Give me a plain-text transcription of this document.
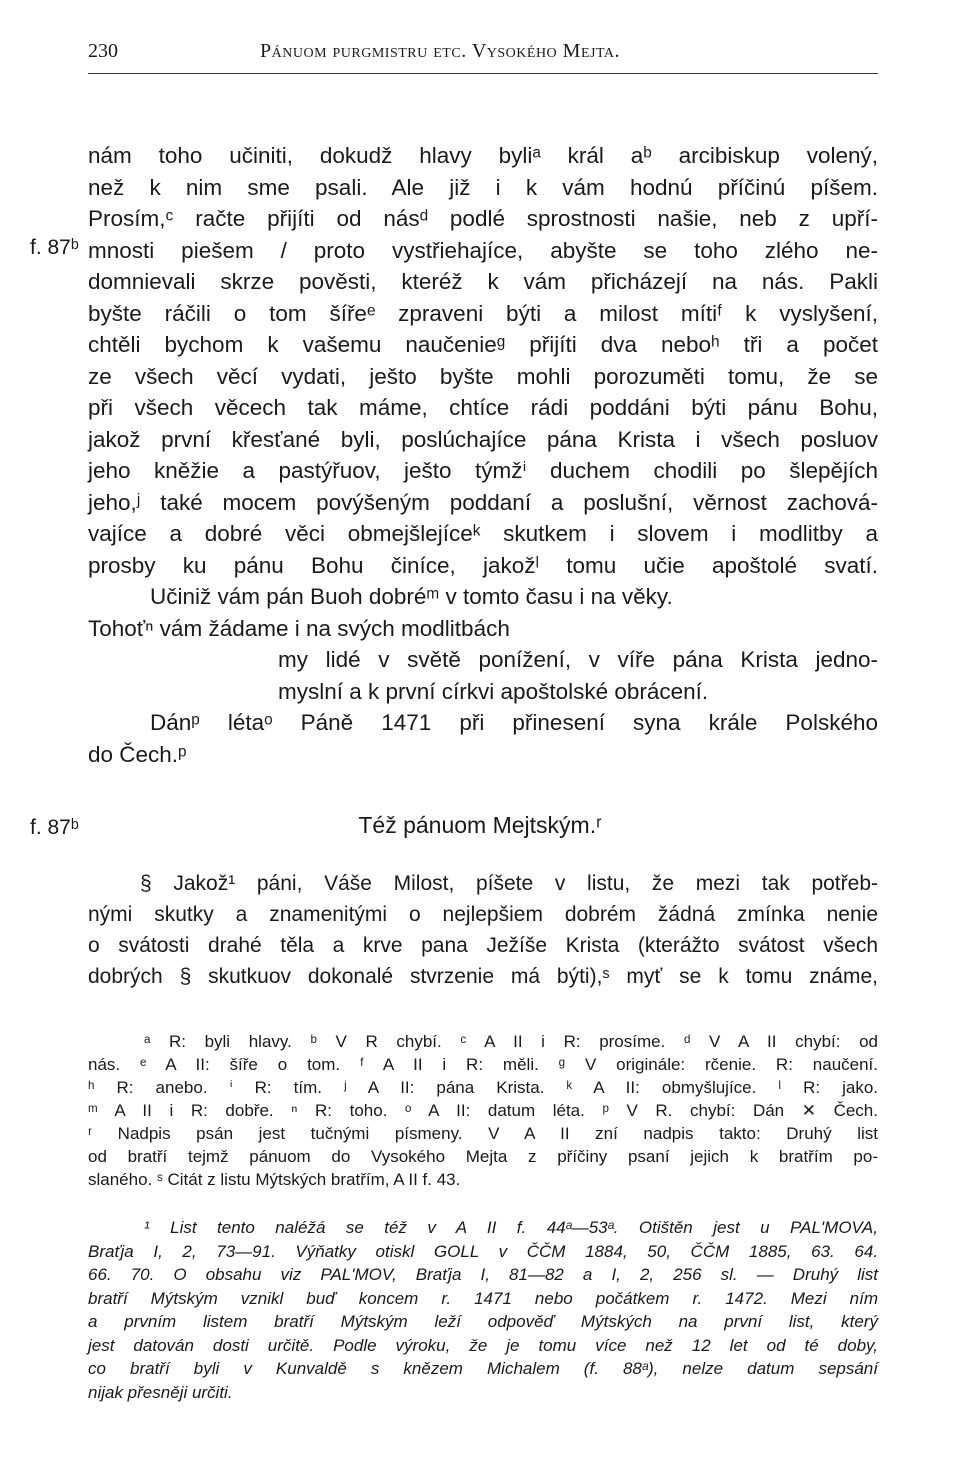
230	Pánuom purgmistru etc. Vysokého Mejta.
f. 87ᵇ
nám toho učiniti, dokudž hlavy byliᵃ král aᵇ arcibiskup volený,
než k nim sme psali. Ale již i k vám hodnú příčinú píšem.
Prosím,ᶜ račte přijíti od násᵈ podlé sprostnosti našie, neb z upří-
mnosti piešem / proto vystřiehajíce, abyšte se toho zlého ne-
domnievali skrze pověsti, kteréž k vám přicházejí na nás. Pakli
byšte ráčili o tom šířeᵉ zpraveni býti a milost mítiᶠ k vyslyšení,
chtěli bychom k vašemu naučenieᵍ přijíti dva neboʰ tři a počet
ze všech věcí vydati, ješto byšte mohli porozuměti tomu, že se
při všech věcech tak máme, chtíce rádi poddáni býti pánu Bohu,
jakož první křesťané byli, poslúchajíce pána Krista i všech posluov
jeho kněžie a pastýřuov, ješto týmžⁱ duchem chodili po šlepějích
jeho,ʲ také mocem povýšeným poddaní a poslušní, věrnost zachová-
vajíce a dobré věci obmejšlejíceᵏ skutkem i slovem i modlitby a
prosby ku pánu Bohu činíce, jakožˡ tomu učie apoštolé svatí.
Učiniž vám pán Buoh dobréᵐ v tomto času i na věky.
Tohoťⁿ vám žádame i na svých modlitbách
my lidé v světě ponížení, v víře pána Krista jedno-
myslní a k první církvi apoštolské obrácení.
Dánᵖ létaᵒ Páně 1471 při přinesení syna krále Polského
do Čech.ᵖ
f. 87ᵇ	Též pánuom Mejtským.ʳ
§ Jakož¹ páni, Váše Milost, píšete v listu, že mezi tak potřeb-
nými skutky a znamenitými o nejlepšiem dobrém žádná zmínka nenie
o svátosti drahé těla a krve pana Ježíše Krista (kterážto svátost všech
dobrých § skutkuov dokonalé stvrzenie má býti),ˢ myť se k tomu známe,
ᵃ R: byli hlavy. ᵇ V R chybí. ᶜ A II i R: prosíme. ᵈ V A II chybí: od
nás. ᵉ A II: šíře o tom. ᶠ A II i R: měli. ᵍ V originále: rčenie. R: naučení.
ʰ R: anebo. ⁱ R: tím. ʲ A II: pána Krista. ᵏ A II: obmyšlujíce. ˡ R: jako.
ᵐ A II i R: dobře. ⁿ R: toho. ᵒ A II: datum léta. ᵖ V R. chybí: Dán ✕ Čech.
ʳ Nadpis psán jest tučnými písmeny. V A II zní nadpis takto: Druhý list
od bratří tejmž pánuom do Vysokého Mejta z příčiny psaní jejich k bratřím po-
slaného. ˢ Citát z listu Mýtských bratřím, A II f. 43.
¹ List tento naléžá se též v A II f. 44ᵃ—53ᵃ. Otištěn jest u PAL'MOVA,
Braťja I, 2, 73—91. Výňatky otiskl GOLL v ČČM 1884, 50, ČČM 1885, 63. 64.
66. 70. O obsahu viz PAL'MOV, Braťja I, 81—82 a I, 2, 256 sl. — Druhý list
bratří Mýtským vznikl buď koncem r. 1471 nebo počátkem r. 1472. Mezi ním
a prvním listem bratří Mýtským leží odpověď Mýtských na první list, který
jest datován dosti určitě. Podle výroku, že je tomu více než 12 let od té doby,
co bratří byli v Kunvaldě s knězem Michalem (f. 88ᵃ), nelze datum sepsání
nijak přesněji určiti.
